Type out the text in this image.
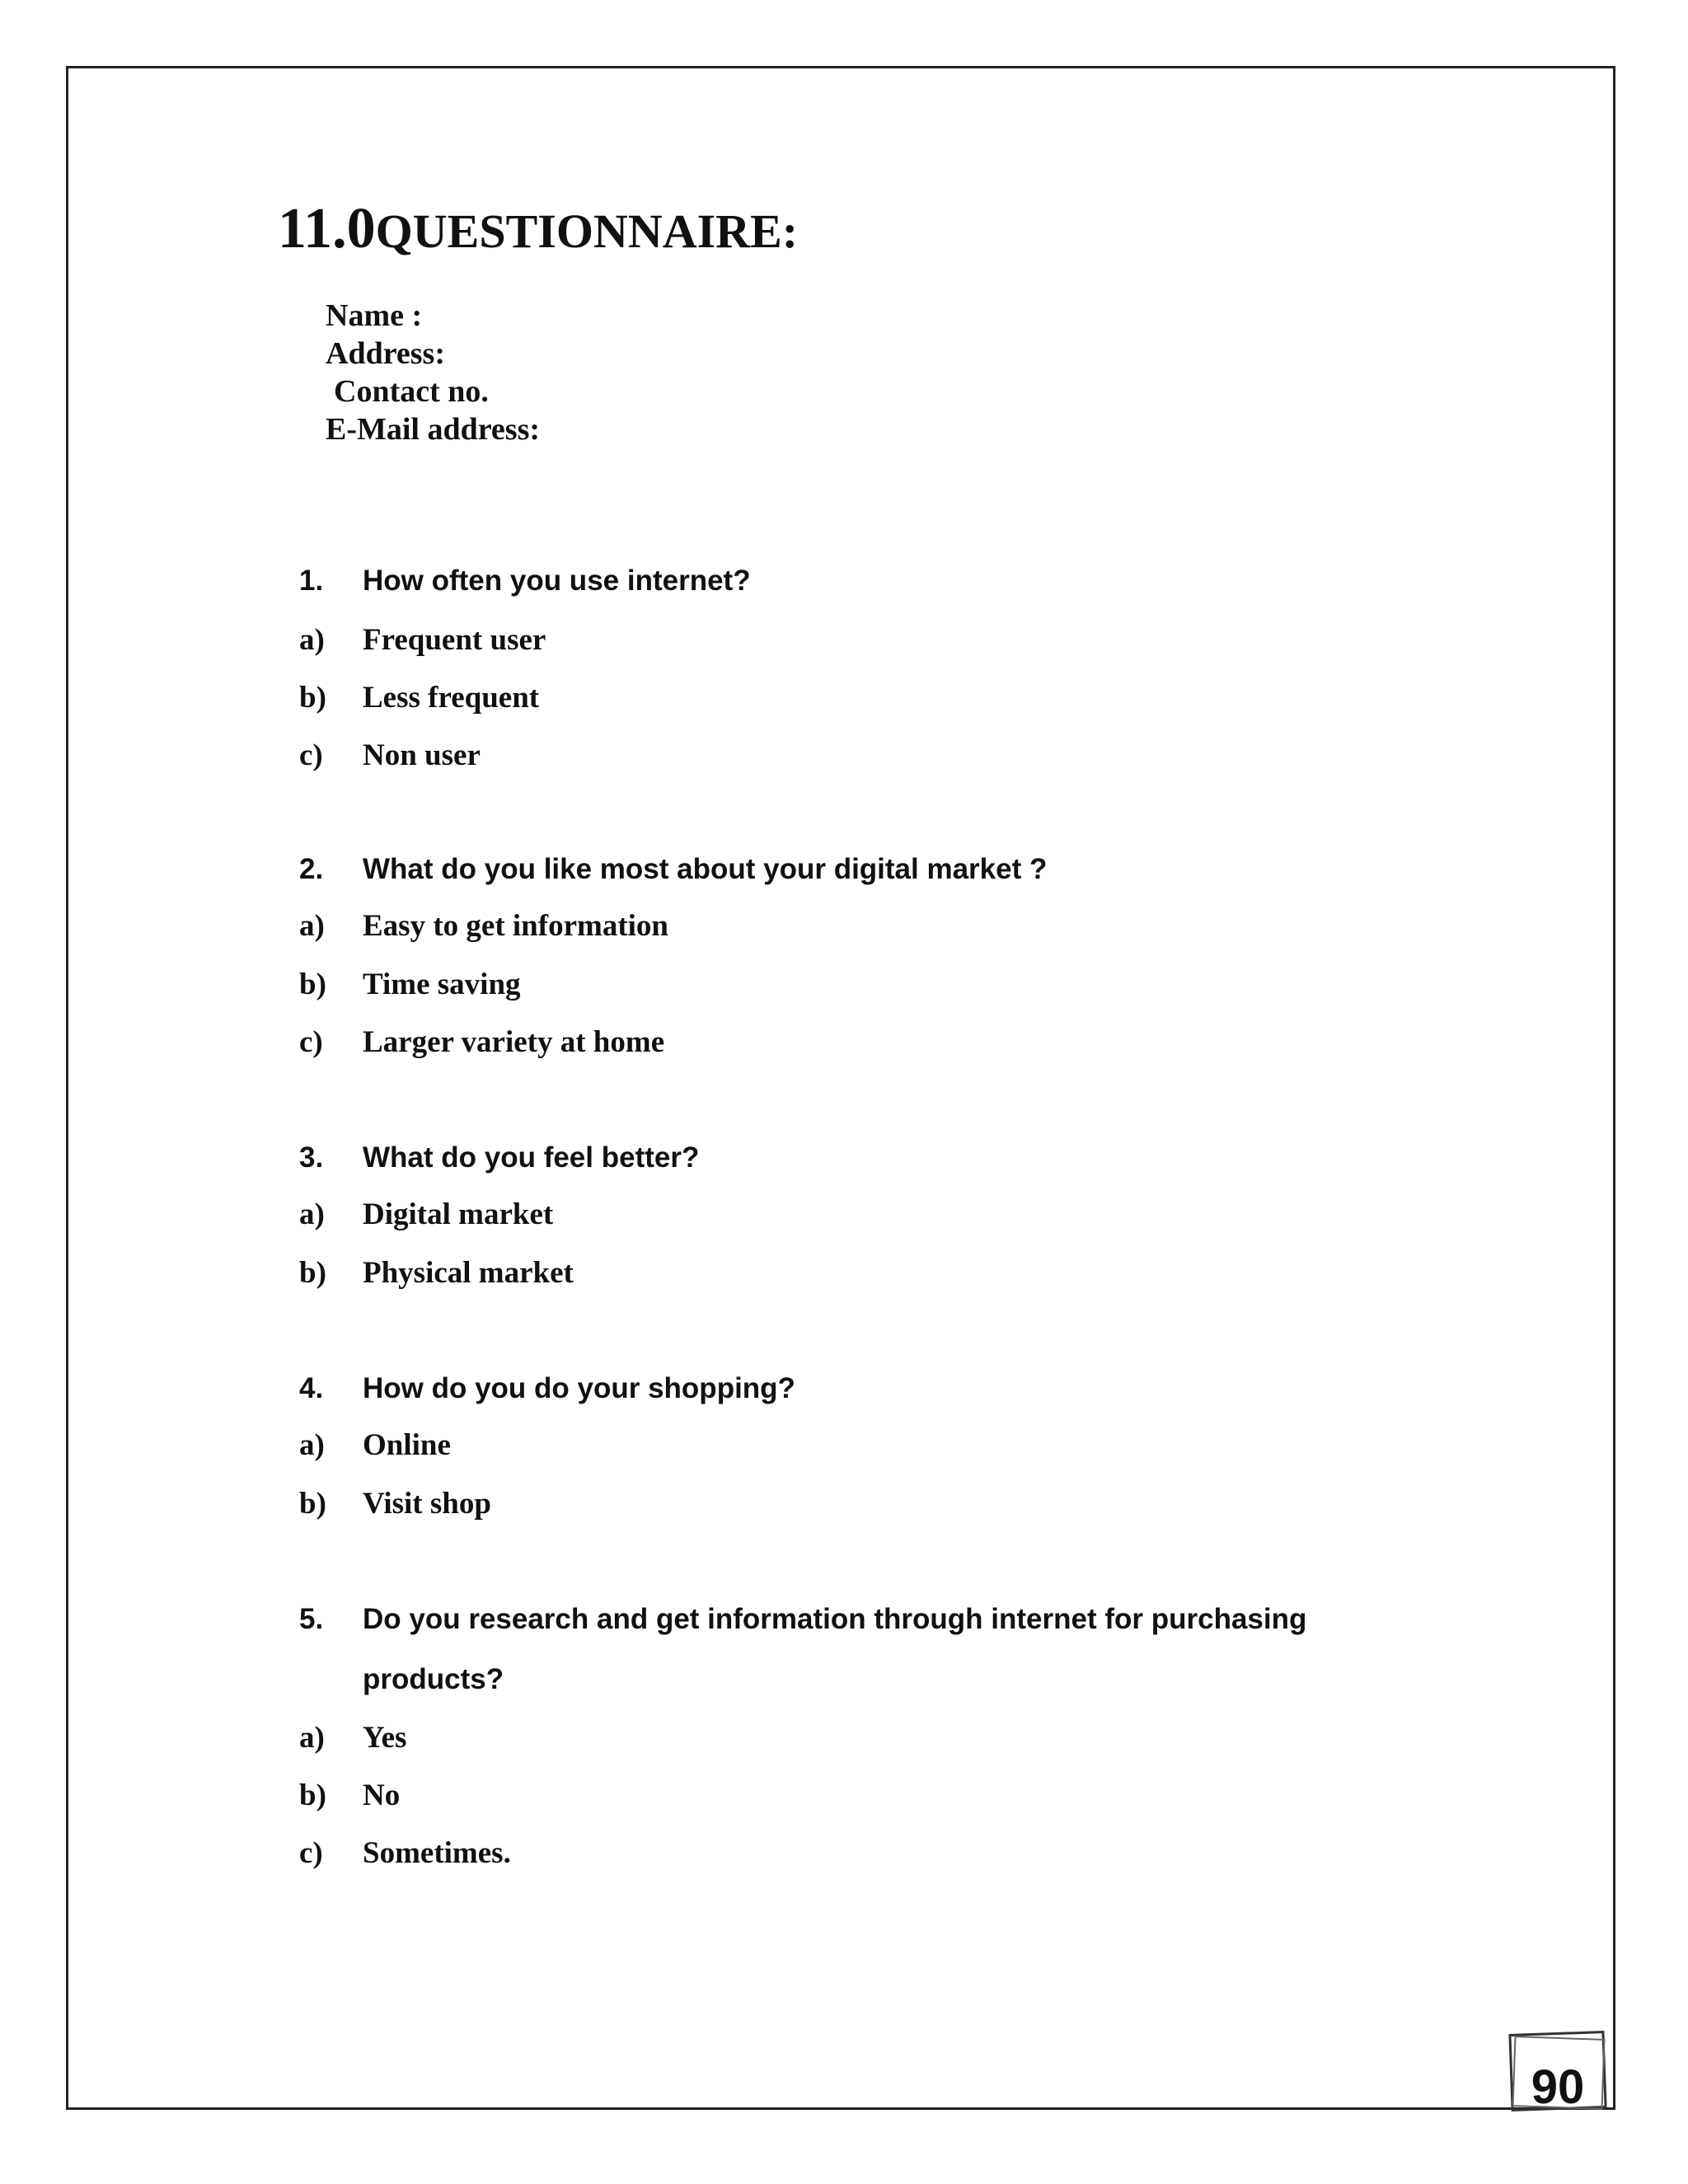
11.0QUESTIONNAIRE:
Name :
Address:
Contact no.
E-Mail address:
1. How often you use internet?
a) Frequent user
b) Less frequent
c) Non user
2. What do you like most about your digital market ?
a) Easy to get information
b) Time saving
c) Larger variety at home
3. What do you feel better?
a) Digital market
b) Physical market
4. How do you do your shopping?
a) Online
b) Visit shop
5. Do you research and get information through internet for purchasing
products?
a) Yes
b) No
c) Sometimes.
90
